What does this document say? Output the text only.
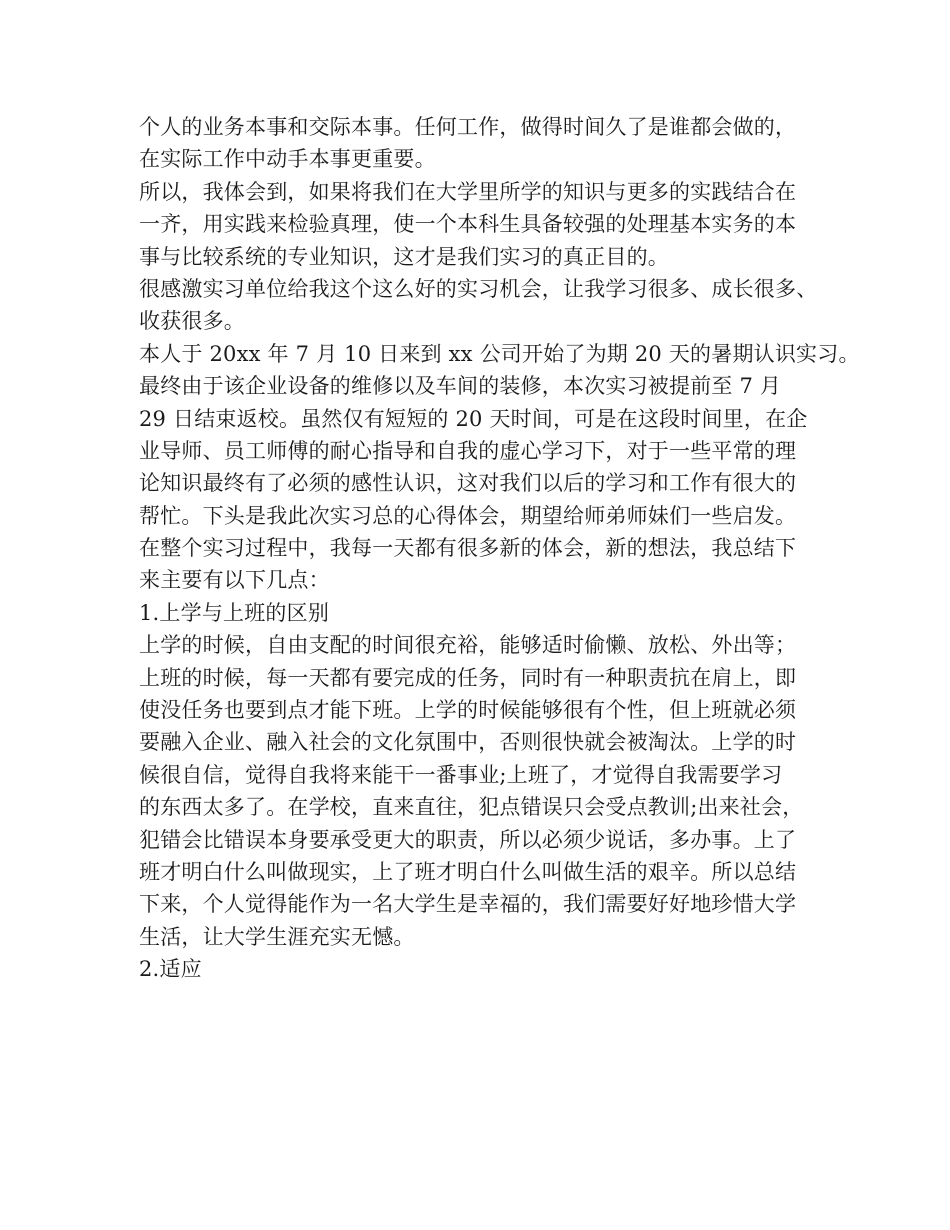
个人的业务本事和交际本事。任何工作，做得时间久了是谁都会做的，
在实际工作中动手本事更重要。
所以，我体会到，如果将我们在大学里所学的知识与更多的实践结合在
一齐，用实践来检验真理，使一个本科生具备较强的处理基本实务的本
事与比较系统的专业知识，这才是我们实习的真正目的。
很感激实习单位给我这个这么好的实习机会，让我学习很多、成长很多、
收获很多。
本人于 20xx 年 7 月 10 日来到 xx 公司开始了为期 20 天的暑期认识实习。
最终由于该企业设备的维修以及车间的装修，本次实习被提前至 7 月
29 日结束返校。虽然仅有短短的 20 天时间，可是在这段时间里，在企
业导师、员工师傅的耐心指导和自我的虚心学习下，对于一些平常的理
论知识最终有了必须的感性认识，这对我们以后的学习和工作有很大的
帮忙。下头是我此次实习总的心得体会，期望给师弟师妹们一些启发。
在整个实习过程中，我每一天都有很多新的体会，新的想法，我总结下
来主要有以下几点：
1.上学与上班的区别
上学的时候，自由支配的时间很充裕，能够适时偷懒、放松、外出等；
上班的时候，每一天都有要完成的任务，同时有一种职责抗在肩上，即
使没任务也要到点才能下班。上学的时候能够很有个性，但上班就必须
要融入企业、融入社会的文化氛围中，否则很快就会被淘汰。上学的时
候很自信，觉得自我将来能干一番事业;上班了，才觉得自我需要学习
的东西太多了。在学校，直来直往，犯点错误只会受点教训;出来社会，
犯错会比错误本身要承受更大的职责，所以必须少说话，多办事。上了
班才明白什么叫做现实，上了班才明白什么叫做生活的艰辛。所以总结
下来，个人觉得能作为一名大学生是幸福的，我们需要好好地珍惜大学
生活，让大学生涯充实无憾。
2.适应
